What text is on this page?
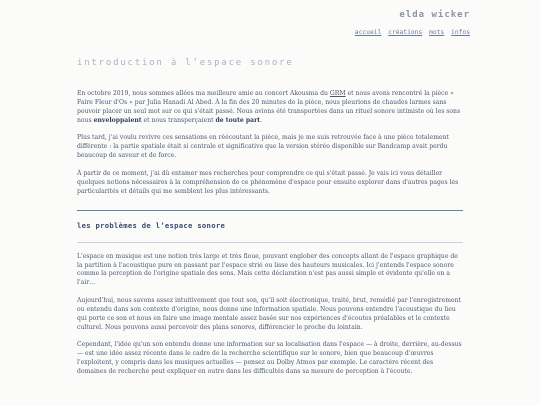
elda wicker
accueil créations mots infos
introduction à l’espace sonore

En octobre 2019, nous sommes allées ma meilleure amie au concert Akousma du GRM et nous avons rencontré la pièce « Faire Fleur d'Os » par Julia Hanadi Al Abed. À la fin des 20 minutes de la pièce, nous pleurions de chaudes larmes sans pouvoir placer un seul mot sur ce qui s'était passé. Nous avions été transportées dans un rituel sonore intimiste où les sons nous enveloppaient et nous transperçaient de toute part.

Plus tard, j'ai voulu revivre ces sensations en réécoutant la pièce, mais je me suis retrouvée face à une pièce totalement différente : la partie spatiale était si centrale et significative que la version stéréo disponible sur Bandcamp avait perdu beaucoup de saveur et de force.

À partir de ce moment, j'ai dû entamer mes recherches pour comprendre ce qui s'était passé. Je vais ici vous détailler quelques notions nécessaires à la compréhension de ce phénomène d'espace pour ensuite explorer dans d'autres pages les particularités et détails qui me semblent les plus intéressants.

les problèmes de l’espace sonore

L'espace en musique est une notion très large et très floue, pouvant englober des concepts allant de l'espace graphique de la partition à l'acoustique pure en passant par l'espace strié ou lisse des hauteurs musicales. Ici j'entends l'espace sonore comme la perception de l'origine spatiale des sons. Mais cette déclaration n'est pas aussi simple et évidente qu'elle en a l'air…

Aujourd'hui, nous savons assez intuitivement que tout son, qu'il soit électronique, traité, brut, remédié par l'enregistrement ou entendu dans son contexte d'origine, nous donne une information spatiale. Nous pouvons entendre l'acoustique du lieu qui porte ce son et nous en faire une image mentale assez basée sur nos expériences d'écoutes préalables et le contexte culturel. Nous pouvons aussi percevoir des plans sonores, différencier le proche du lointain.

Cependant, l'idée qu'un son entendu donne une information sur sa localisation dans l'espace — à droite, derrière, au-dessus — est une idée assez récente dans le cadre de la recherche scientifique sur le sonore, bien que beaucoup d'œuvres l'exploitent, y compris dans les musiques actuelles — pensez au Dolby Atmos par exemple. Le caractère récent des domaines de recherche peut expliquer en outre dans les difficultés dans sa mesure de perception à l'écoute.
